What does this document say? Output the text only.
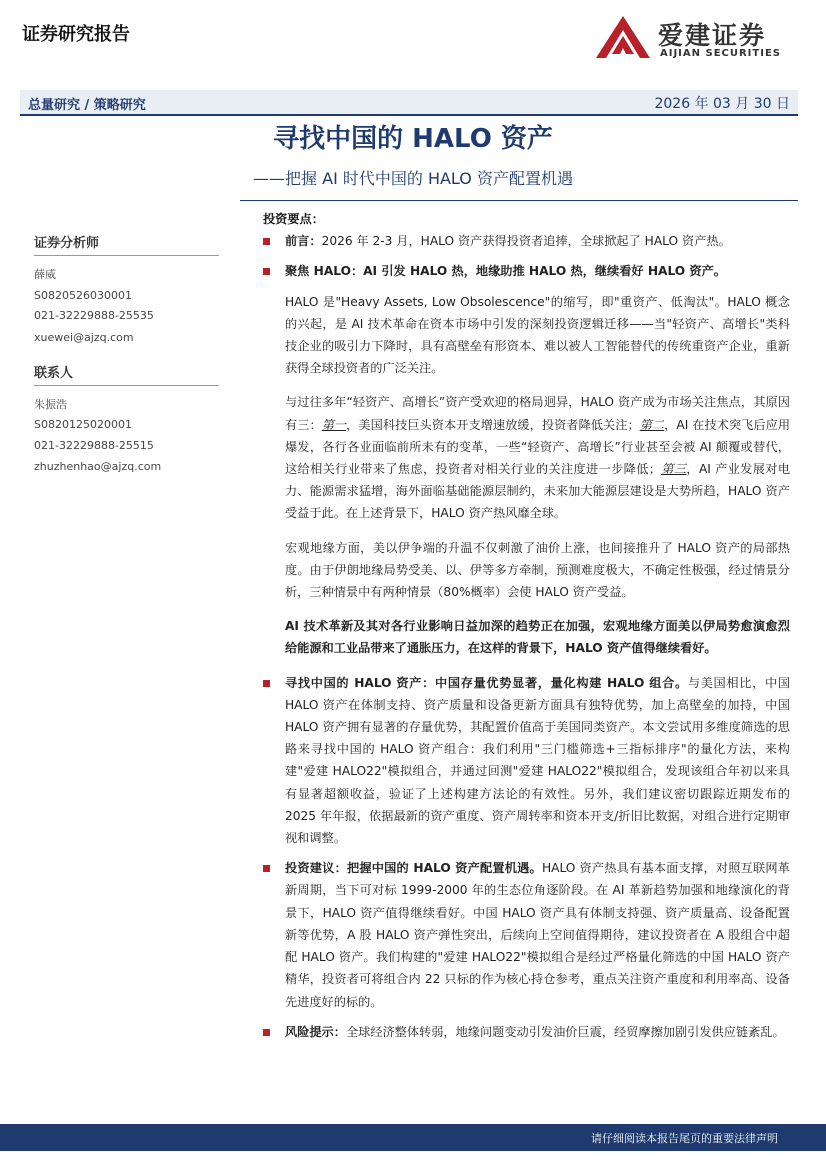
证券研究报告	爱建证券
AIJIAN SECURITIES
总量研究 / 策略研究	2026 年 03 月 30 日
寻找中国的 HALO 资产
——把握 AI 时代中国的 HALO 资产配置机遇
证券分析师
薛威
S0820526030001
021-32229888-25535
xuewei@ajzq.com
联系人
朱振浩
S0820125020001
021-32229888-25515
zhuzhenhao@ajzq.com
投资要点：
前言：2026 年 2-3 月，HALO 资产获得投资者追捧，全球掀起了 HALO 资产热。
聚焦 HALO：AI 引发 HALO 热，地缘助推 HALO 热，继续看好 HALO 资产。
HALO 是"Heavy Assets, Low Obsolescence"的缩写，即"重资产、低淘汰"。HALO 概念的兴起，是 AI 技术革命在资本市场中引发的深刻投资逻辑迁移——当"轻资产、高增长"类科技企业的吸引力下降时，具有高壁垒有形资本、难以被人工智能替代的传统重资产企业，重新获得全球投资者的广泛关注。
与过往多年“轻资产、高增长”资产受欢迎的格局迥异，HALO 资产成为市场关注焦点，其原因有三：第一，美国科技巨头资本开支增速放缓，投资者降低关注；第二，AI 在技术突飞后应用爆发，各行各业面临前所未有的变革，一些“轻资产、高增长”行业甚至会被 AI 颠覆或替代，这给相关行业带来了焦虑，投资者对相关行业的关注度进一步降低；第三，AI 产业发展对电力、能源需求猛增，海外面临基础能源层制约，未来加大能源层建设是大势所趋，HALO 资产受益于此。在上述背景下，HALO 资产热风靡全球。
宏观地缘方面，美以伊争端的升温不仅刺激了油价上涨，也间接推升了 HALO 资产的局部热度。由于伊朗地缘局势受美、以、伊等多方牵制，预测难度极大，不确定性极强，经过情景分析，三种情景中有两种情景（80%概率）会使 HALO 资产受益。
AI 技术革新及其对各行业影响日益加深的趋势正在加强，宏观地缘方面美以伊局势愈演愈烈给能源和工业品带来了通胀压力，在这样的背景下，HALO 资产值得继续看好。
寻找中国的 HALO 资产：中国存量优势显著，量化构建 HALO 组合。与美国相比，中国 HALO 资产在体制支持、资产质量和设备更新方面具有独特优势，加上高壁垒的加持，中国 HALO 资产拥有显著的存量优势，其配置价值高于美国同类资产。本文尝试用多维度筛选的思路来寻找中国的 HALO 资产组合：我们利用"三门槛筛选+三指标排序"的量化方法，来构建"爱建 HALO22"模拟组合，并通过回测"爱建 HALO22"模拟组合，发现该组合年初以来具有显著超额收益，验证了上述构建方法论的有效性。另外，我们建议密切跟踪近期发布的 2025 年年报，依据最新的资产重度、资产周转率和资本开支/折旧比数据，对组合进行定期审视和调整。
投资建议：把握中国的 HALO 资产配置机遇。HALO 资产热具有基本面支撑，对照互联网革新周期，当下可对标 1999-2000 年的生态位角逐阶段。在 AI 革新趋势加强和地缘演化的背景下，HALO 资产值得继续看好。中国 HALO 资产具有体制支持强、资产质量高、设备配置新等优势，A 股 HALO 资产弹性突出，后续向上空间值得期待，建议投资者在 A 股组合中超配 HALO 资产。我们构建的"爱建 HALO22"模拟组合是经过严格量化筛选的中国 HALO 资产精华，投资者可将组合内 22 只标的作为核心持仓参考，重点关注资产重度和利用率高、设备先进度好的标的。
风险提示：全球经济整体转弱，地缘问题变动引发油价巨震，经贸摩擦加剧引发供应链紊乱。
请仔细阅读本报告尾页的重要法律声明
